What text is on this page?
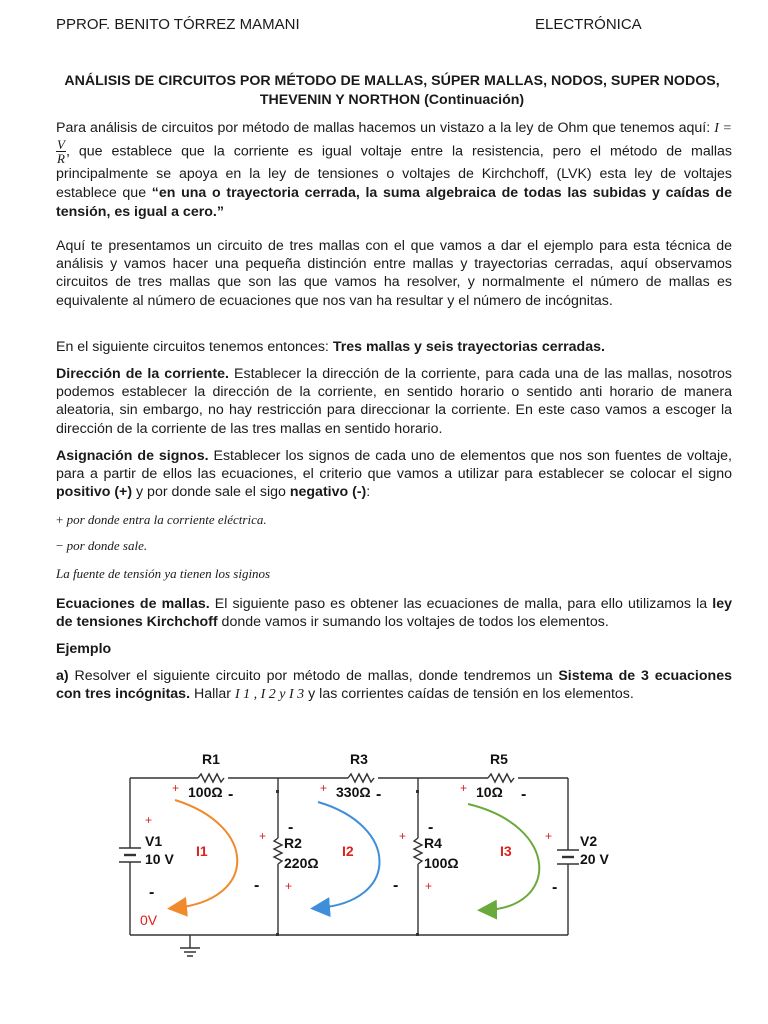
PPROF. BENITO TÓRREZ MAMANI	ELECTRÓNICA
ANÁLISIS DE CIRCUITOS POR MÉTODO DE MALLAS, SÚPER MALLAS, NODOS, SUPER NODOS, THEVENIN Y NORTHON (Continuación)
Para análisis de circuitos por método de mallas hacemos un vistazo a la ley de Ohm que tenemos aquí: I =
$\frac{V}{R}$ , que establece que la corriente es igual voltaje entre la resistencia, pero el método de mallas principalmente se apoya en la ley de tensiones o voltajes de Kirchchoff, (LVK) esta ley de voltajes establece que “en una o trayectoria cerrada, la suma algebraica de todas las subidas y caídas de tensión, es igual a cero.”
Aquí te presentamos un circuito de tres mallas con el que vamos a dar el ejemplo para esta técnica de análisis y vamos hacer una pequeña distinción entre mallas y trayectorias cerradas, aquí observamos circuitos de tres mallas que son las que vamos ha resolver, y normalmente el número de mallas es equivalente al número de ecuaciones que nos van ha resultar y el número de incógnitas.
En el siguiente circuitos tenemos entonces: Tres mallas y seis trayectorias cerradas.
Dirección de la corriente. Establecer la dirección de la corriente, para cada una de las mallas, nosotros podemos establecer la dirección de la corriente, en sentido horario o sentido anti horario de manera aleatoria, sin embargo, no hay restricción para direccionar la corriente. En este caso vamos a escoger la dirección de la corriente de las tres mallas en sentido horario.
Asignación de signos. Establecer los signos de cada uno de elementos que nos son fuentes de voltaje, para a partir de ellos las ecuaciones, el criterio que vamos a utilizar para establecer se colocar el signo positivo (+) y por donde sale el sigo negativo (-):
+ por donde entra la corriente eléctrica.
− por donde sale.
La fuente de tensión ya tienen los siginos
Ecuaciones de mallas. El siguiente paso es obtener las ecuaciones de malla, para ello utilizamos la ley de tensiones Kirchchoff donde vamos ir sumando los voltajes de todos los elementos.
Ejemplo
a) Resolver el siguiente circuito por método de mallas, donde tendremos un Sistema de 3 ecuaciones con tres incógnitas. Hallar I 1 , I 2 y I 3 y las corrientes caídas de tensión en los elementos.
R1
100Ω
R3
330Ω
R5
10Ω
R2
220Ω
R4
100Ω
V1
10 V
V2
20 V
I1	I2	I3
0V
+	+	+
+
+	+	+
+	+
-	-	-
-	-
-	-	-	-
